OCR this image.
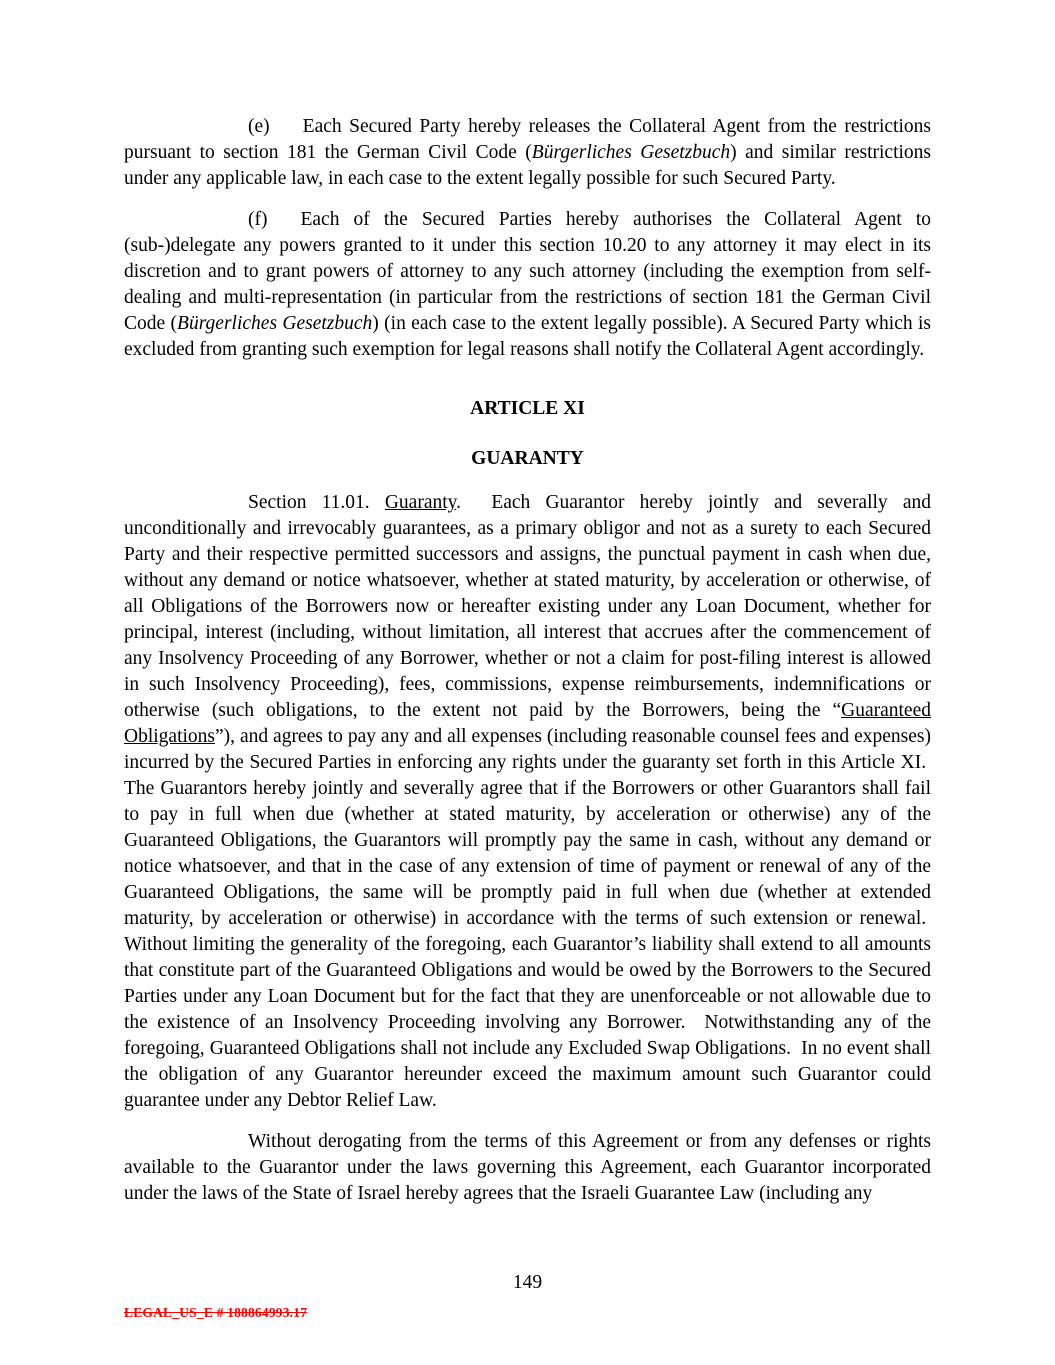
(e) Each Secured Party hereby releases the Collateral Agent from the restrictions pursuant to section 181 the German Civil Code (Bürgerliches Gesetzbuch) and similar restrictions under any applicable law, in each case to the extent legally possible for such Secured Party.

(f) Each of the Secured Parties hereby authorises the Collateral Agent to (sub-)delegate any powers granted to it under this section 10.20 to any attorney it may elect in its discretion and to grant powers of attorney to any such attorney (including the exemption from self-dealing and multi-representation (in particular from the restrictions of section 181 the German Civil Code (Bürgerliches Gesetzbuch) (in each case to the extent legally possible). A Secured Party which is excluded from granting such exemption for legal reasons shall notify the Collateral Agent accordingly.

ARTICLE XI
GUARANTY

Section 11.01. Guaranty.  Each Guarantor hereby jointly and severally and unconditionally and irrevocably guarantees, as a primary obligor and not as a surety to each Secured Party and their respective permitted successors and assigns, the punctual payment in cash when due, without any demand or notice whatsoever, whether at stated maturity, by acceleration or otherwise, of all Obligations of the Borrowers now or hereafter existing under any Loan Document, whether for principal, interest (including, without limitation, all interest that accrues after the commencement of any Insolvency Proceeding of any Borrower, whether or not a claim for post-filing interest is allowed in such Insolvency Proceeding), fees, commissions, expense reimbursements, indemnifications or otherwise (such obligations, to the extent not paid by the Borrowers, being the “Guaranteed Obligations”), and agrees to pay any and all expenses (including reasonable counsel fees and expenses) incurred by the Secured Parties in enforcing any rights under the guaranty set forth in this Article XI.  The Guarantors hereby jointly and severally agree that if the Borrowers or other Guarantors shall fail to pay in full when due (whether at stated maturity, by acceleration or otherwise) any of the Guaranteed Obligations, the Guarantors will promptly pay the same in cash, without any demand or notice whatsoever, and that in the case of any extension of time of payment or renewal of any of the Guaranteed Obligations, the same will be promptly paid in full when due (whether at extended maturity, by acceleration or otherwise) in accordance with the terms of such extension or renewal.  Without limiting the generality of the foregoing, each Guarantor’s liability shall extend to all amounts that constitute part of the Guaranteed Obligations and would be owed by the Borrowers to the Secured Parties under any Loan Document but for the fact that they are unenforceable or not allowable due to the existence of an Insolvency Proceeding involving any Borrower.  Notwithstanding any of the foregoing, Guaranteed Obligations shall not include any Excluded Swap Obligations.  In no event shall the obligation of any Guarantor hereunder exceed the maximum amount such Guarantor could guarantee under any Debtor Relief Law.

Without derogating from the terms of this Agreement or from any defenses or rights available to the Guarantor under the laws governing this Agreement, each Guarantor incorporated under the laws of the State of Israel hereby agrees that the Israeli Guarantee Law (including any

149
LEGAL_US_E # 188864993.17
